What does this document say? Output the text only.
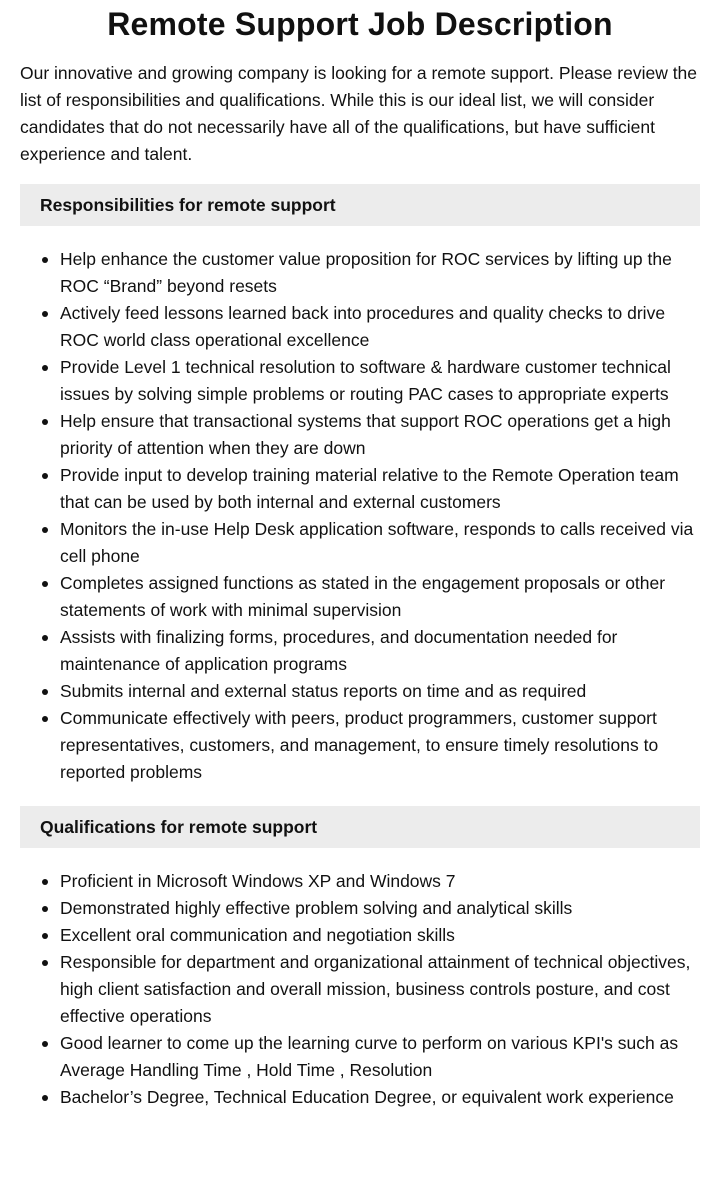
Remote Support Job Description

Our innovative and growing company is looking for a remote support. Please review the list of responsibilities and qualifications. While this is our ideal list, we will consider candidates that do not necessarily have all of the qualifications, but have sufficient experience and talent.

Responsibilities for remote support
Help enhance the customer value proposition for ROC services by lifting up the ROC “Brand” beyond resets
Actively feed lessons learned back into procedures and quality checks to drive ROC world class operational excellence
Provide Level 1 technical resolution to software & hardware customer technical issues by solving simple problems or routing PAC cases to appropriate experts
Help ensure that transactional systems that support ROC operations get a high priority of attention when they are down
Provide input to develop training material relative to the Remote Operation team that can be used by both internal and external customers
Monitors the in-use Help Desk application software, responds to calls received via cell phone
Completes assigned functions as stated in the engagement proposals or other statements of work with minimal supervision
Assists with finalizing forms, procedures, and documentation needed for maintenance of application programs
Submits internal and external status reports on time and as required
Communicate effectively with peers, product programmers, customer support representatives, customers, and management, to ensure timely resolutions to reported problems
Qualifications for remote support
Proficient in Microsoft Windows XP and Windows 7
Demonstrated highly effective problem solving and analytical skills
Excellent oral communication and negotiation skills
Responsible for department and organizational attainment of technical objectives, high client satisfaction and overall mission, business controls posture, and cost effective operations
Good learner to come up the learning curve to perform on various KPI's such as Average Handling Time , Hold Time , Resolution
Bachelor’s Degree, Technical Education Degree, or equivalent work experience
